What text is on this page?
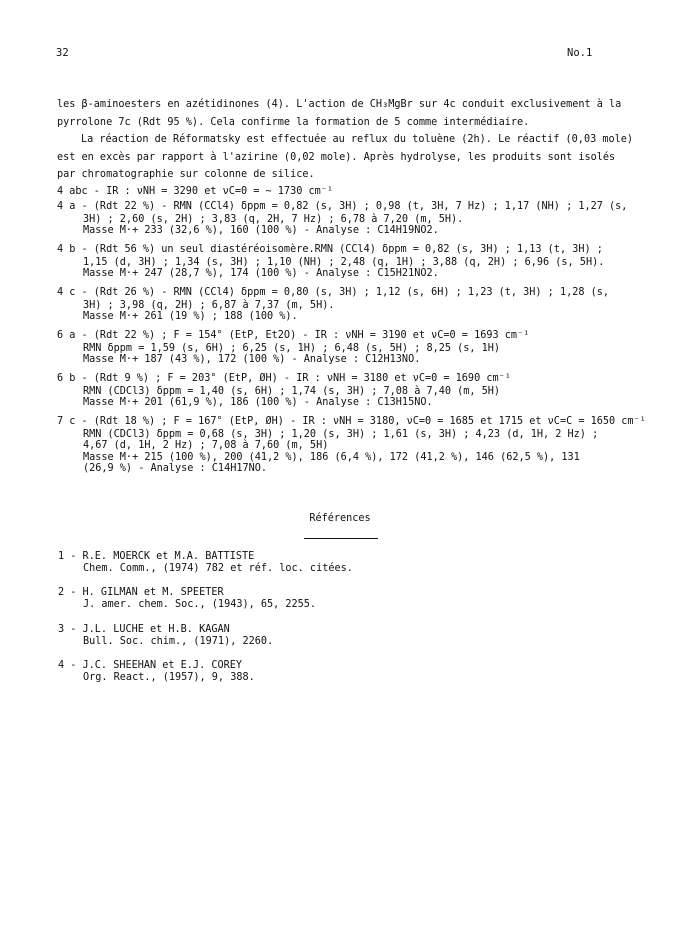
32	No.1

les β-aminoesters en azétidinones (4). L'action de CH₃MgBr sur 4c conduit exclusivement à la

pyrrolone 7c (Rdt 95 %). Cela confirme la formation de 5 comme intermédiaire.

La réaction de Réformatsky est effectuée au reflux du toluène (2h). Le réactif (0,03 mole)

est en excès par rapport à l'azirine (0,02 mole). Après hydrolyse, les produits sont isolés

par chromatographie sur colonne de silice.

4 abc - IR : νNH = 3290 et νC=0 = ∼ 1730 cm⁻¹
4 a - (Rdt 22 %) - RMN (CCl4) δppm = 0,82 (s, 3H) ; 0,98 (t, 3H, 7 Hz) ; 1,17 (NH) ; 1,27 (s,
3H) ; 2,60 (s, 2H) ; 3,83 (q, 2H, 7 Hz) ; 6,78 à 7,20 (m, 5H).
Masse M·+ 233 (32,6 %), 160 (100 %) - Analyse : C14H19NO2.
4 b - (Rdt 56 %) un seul diastéréoisomère.RMN (CCl4) δppm = 0,82 (s, 3H) ; 1,13 (t, 3H) ;
1,15 (d, 3H) ; 1,34 (s, 3H) ; 1,10 (NH) ; 2,48 (q, 1H) ; 3,88 (q, 2H) ; 6,96 (s, 5H).
Masse M·+ 247 (28,7 %), 174 (100 %) - Analyse : C15H21NO2.
4 c - (Rdt 26 %) - RMN (CCl4) δppm = 0,80 (s, 3H) ; 1,12 (s, 6H) ; 1,23 (t, 3H) ; 1,28 (s,
3H) ; 3,98 (q, 2H) ; 6,87 à 7,37 (m, 5H).
Masse M·+ 261 (19 %) ; 188 (100 %).
6 a - (Rdt 22 %) ; F = 154° (EtP, Et2O) - IR : νNH = 3190 et νC=0 = 1693 cm⁻¹
RMN δppm = 1,59 (s, 6H) ; 6,25 (s, 1H) ; 6,48 (s, 5H) ; 8,25 (s, 1H)
Masse M·+ 187 (43 %), 172 (100 %) - Analyse : C12H13NO.
6 b - (Rdt 9 %) ; F = 203° (EtP, ØH) - IR : νNH = 3180 et νC=0 = 1690 cm⁻¹
RMN (CDCl3) δppm = 1,40 (s, 6H) ; 1,74 (s, 3H) ; 7,08 à 7,40 (m, 5H)
Masse M·+ 201 (61,9 %), 186 (100 %) - Analyse : C13H15NO.
7 c - (Rdt 18 %) ; F = 167° (EtP, ØH) - IR : νNH = 3180, νC=0 = 1685 et 1715 et νC=C = 1650 cm⁻¹
RMN (CDCl3) δppm = 0,68 (s, 3H) ; 1,20 (s, 3H) ; 1,61 (s, 3H) ; 4,23 (d, 1H, 2 Hz) ;
4,67 (d, 1H, 2 Hz) ; 7,08 à 7,60 (m, 5H)
Masse M·+ 215 (100 %), 200 (41,2 %), 186 (6,4 %), 172 (41,2 %), 146 (62,5 %), 131
(26,9 %) - Analyse : C14H17NO.
Références
1 - R.E. MOERCK et M.A. BATTISTE
Chem. Comm., (1974) 782 et réf. loc. citées.
2 - H. GILMAN et M. SPEETER
J. amer. chem. Soc., (1943), 65, 2255.
3 - J.L. LUCHE et H.B. KAGAN
Bull. Soc. chim., (1971), 2260.
4 - J.C. SHEEHAN et E.J. COREY
Org. React., (1957), 9, 388.
